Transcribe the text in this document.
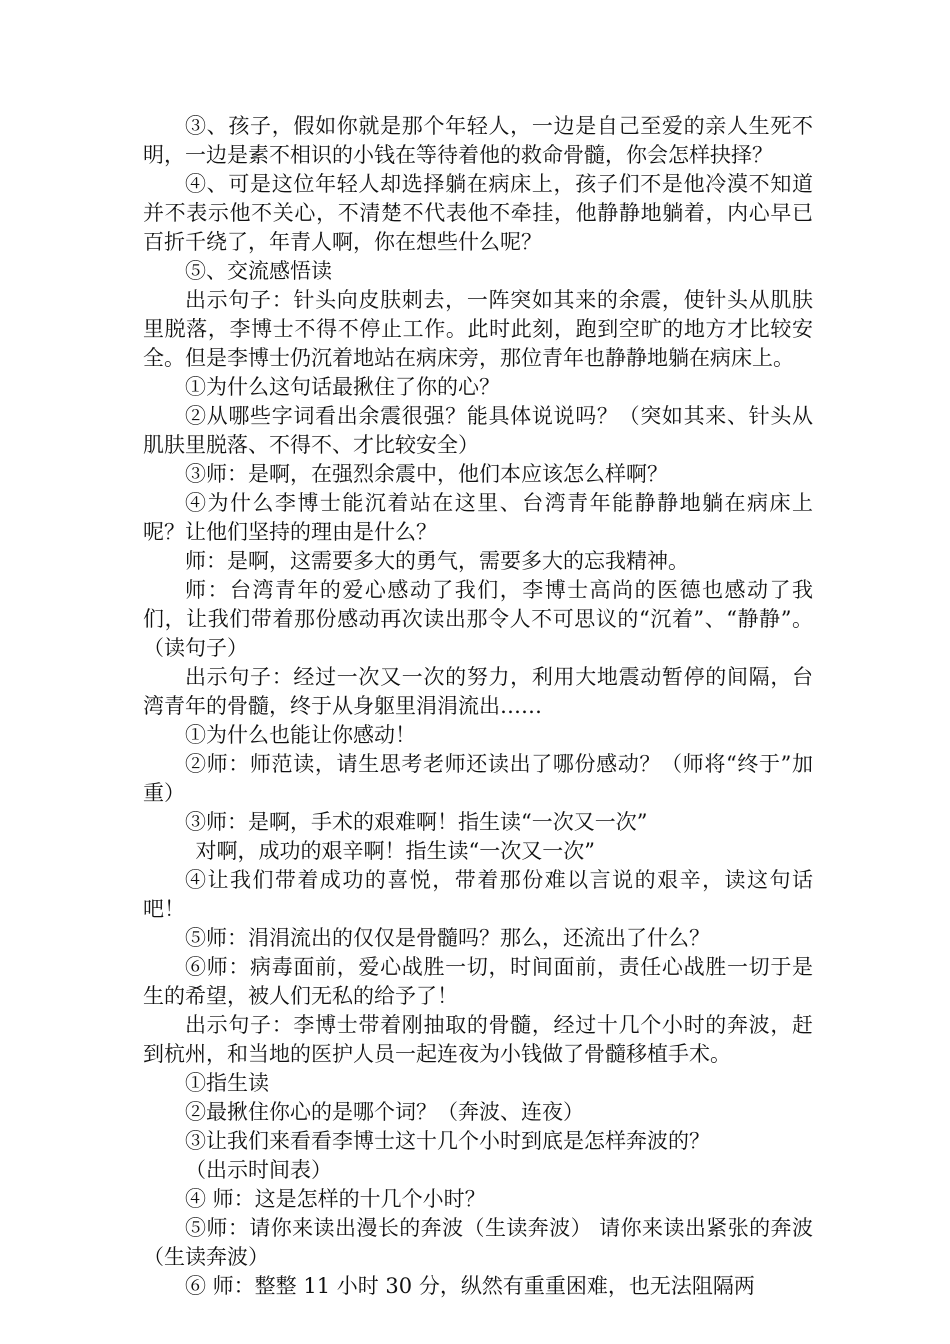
③、孩子，假如你就是那个年轻人，一边是自己至爱的亲人生死不明，一边是素不相识的小钱在等待着他的救命骨髓，你会怎样抉择？

④、可是这位年轻人却选择躺在病床上，孩子们不是他冷漠不知道并不表示他不关心，不清楚不代表他不牵挂，他静静地躺着，内心早已百折千绕了，年青人啊，你在想些什么呢？

⑤、交流感悟读

出示句子：针头向皮肤刺去，一阵突如其来的余震，使针头从肌肤里脱落，李博士不得不停止工作。此时此刻，跑到空旷的地方才比较安全。但是李博士仍沉着地站在病床旁，那位青年也静静地躺在病床上。

①为什么这句话最揪住了你的心？

②从哪些字词看出余震很强？能具体说说吗？（突如其来、针头从肌肤里脱落、不得不、才比较安全）

③师：是啊，在强烈余震中，他们本应该怎么样啊？

④为什么李博士能沉着站在这里、台湾青年能静静地躺在病床上呢？让他们坚持的理由是什么？

师：是啊，这需要多大的勇气，需要多大的忘我精神。

师：台湾青年的爱心感动了我们，李博士高尚的医德也感动了我们，让我们带着那份感动再次读出那令人不可思议的“沉着”、“静静”。（读句子）

出示句子：经过一次又一次的努力，利用大地震动暂停的间隔，台湾青年的骨髓，终于从身躯里涓涓流出……

①为什么也能让你感动！

②师：师范读，请生思考老师还读出了哪份感动？（师将“终于”加重）

③师：是啊，手术的艰难啊！指生读“一次又一次”

对啊，成功的艰辛啊！指生读“一次又一次”

④让我们带着成功的喜悦，带着那份难以言说的艰辛，读这句话吧！

⑤师：涓涓流出的仅仅是骨髓吗？那么，还流出了什么？

⑥师：病毒面前，爱心战胜一切，时间面前，责任心战胜一切于是生的希望，被人们无私的给予了！

出示句子：李博士带着刚抽取的骨髓，经过十几个小时的奔波，赶到杭州，和当地的医护人员一起连夜为小钱做了骨髓移植手术。

①指生读

②最揪住你心的是哪个词？（奔波、连夜）

③让我们来看看李博士这十几个小时到底是怎样奔波的？

（出示时间表）

④ 师：这是怎样的十几个小时？

⑤师：请你来读出漫长的奔波（生读奔波） 请你来读出紧张的奔波（生读奔波）

⑥ 师：整整 11 小时 30 分，纵然有重重困难，也无法阻隔两
